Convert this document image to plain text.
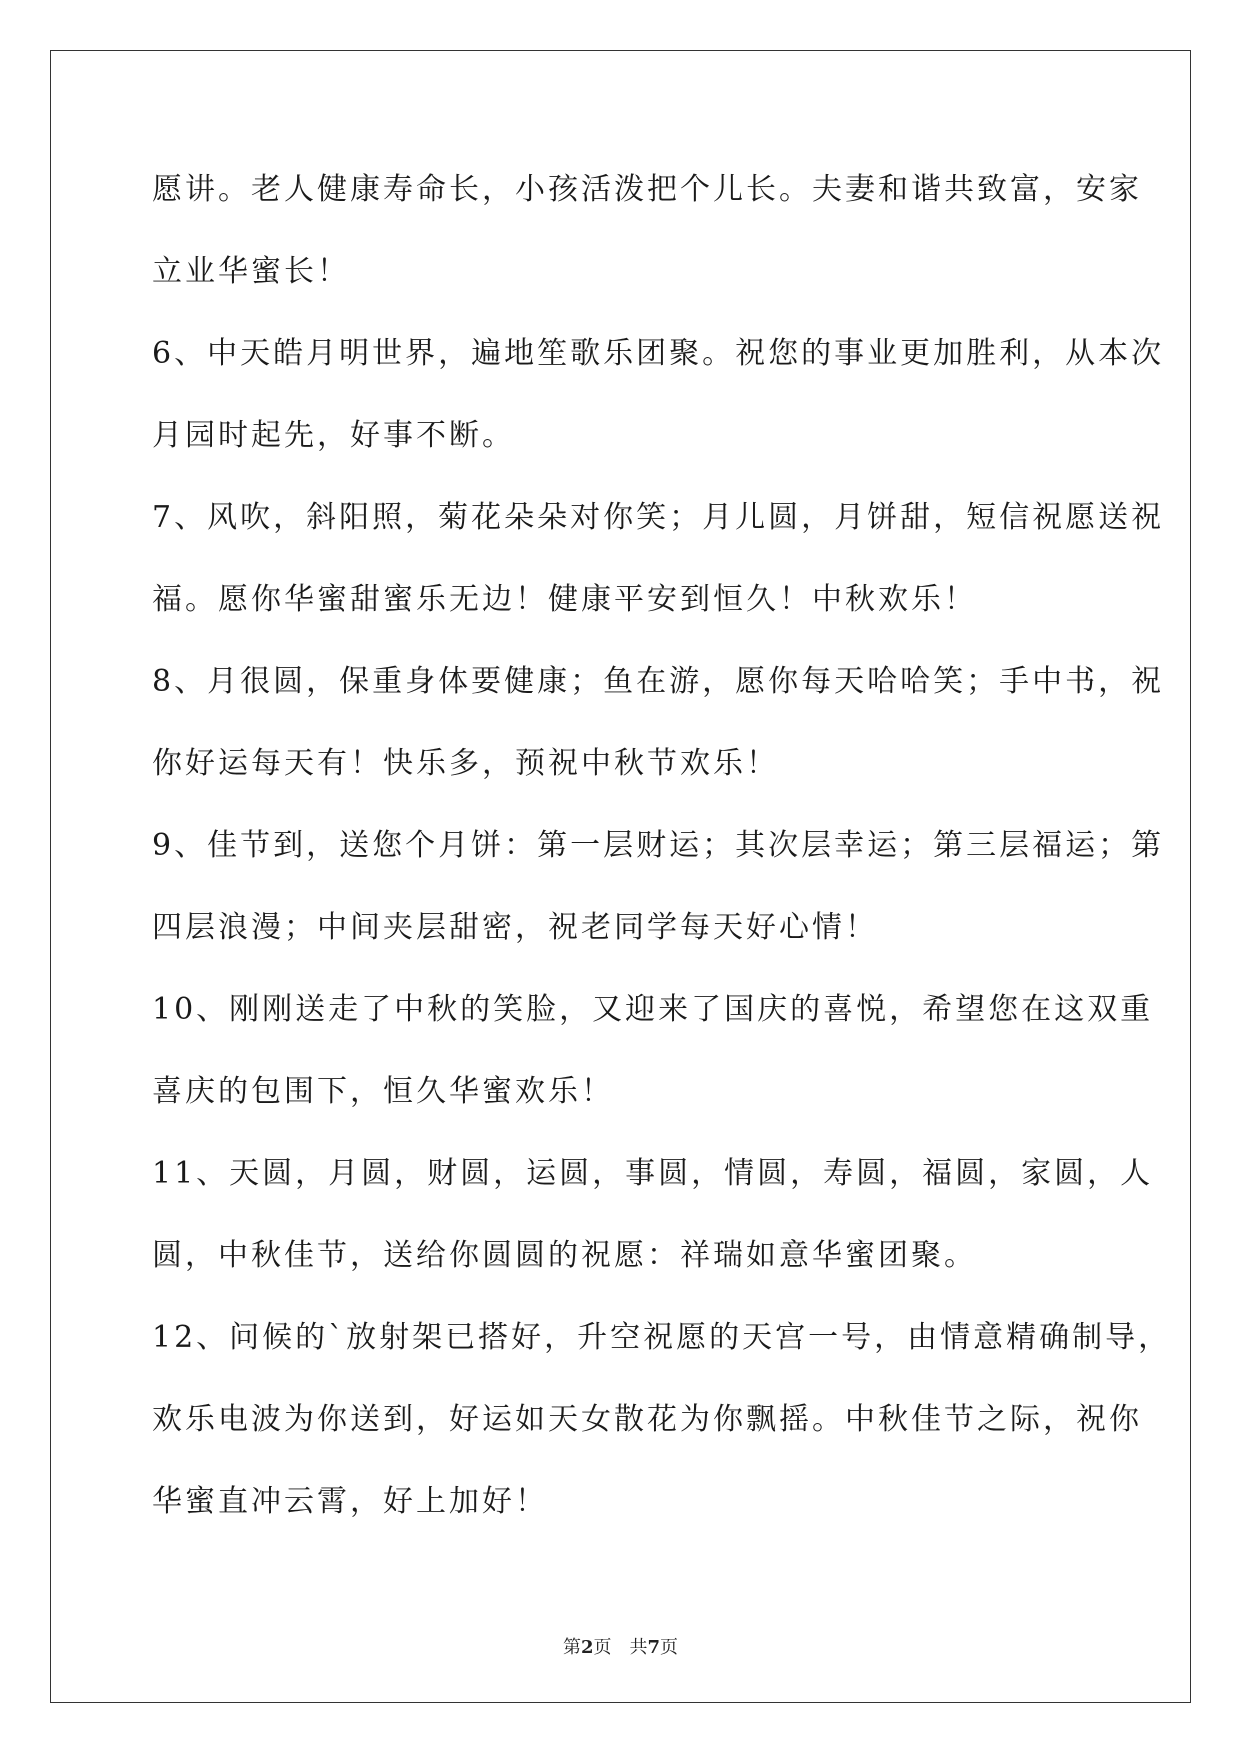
愿讲。老人健康寿命长，小孩活泼把个儿长。夫妻和谐共致富，安家
立业华蜜长！
6、中天皓月明世界，遍地笙歌乐团聚。祝您的事业更加胜利，从本次
月园时起先，好事不断。
7、风吹，斜阳照，菊花朵朵对你笑；月儿圆，月饼甜，短信祝愿送祝
福。愿你华蜜甜蜜乐无边！健康平安到恒久！中秋欢乐！
8、月很圆，保重身体要健康；鱼在游，愿你每天哈哈笑；手中书，祝
你好运每天有！快乐多，预祝中秋节欢乐！
9、佳节到，送您个月饼：第一层财运；其次层幸运；第三层福运；第
四层浪漫；中间夹层甜密，祝老同学每天好心情！
10、刚刚送走了中秋的笑脸，又迎来了国庆的喜悦，希望您在这双重
喜庆的包围下，恒久华蜜欢乐！
11、天圆，月圆，财圆，运圆，事圆，情圆，寿圆，福圆，家圆，人
圆，中秋佳节，送给你圆圆的祝愿：祥瑞如意华蜜团聚。
12、问候的`放射架已搭好，升空祝愿的天宫一号，由情意精确制导，
欢乐电波为你送到，好运如天女散花为你飘摇。中秋佳节之际，祝你
华蜜直冲云霄，好上加好！
第2页 共7页
